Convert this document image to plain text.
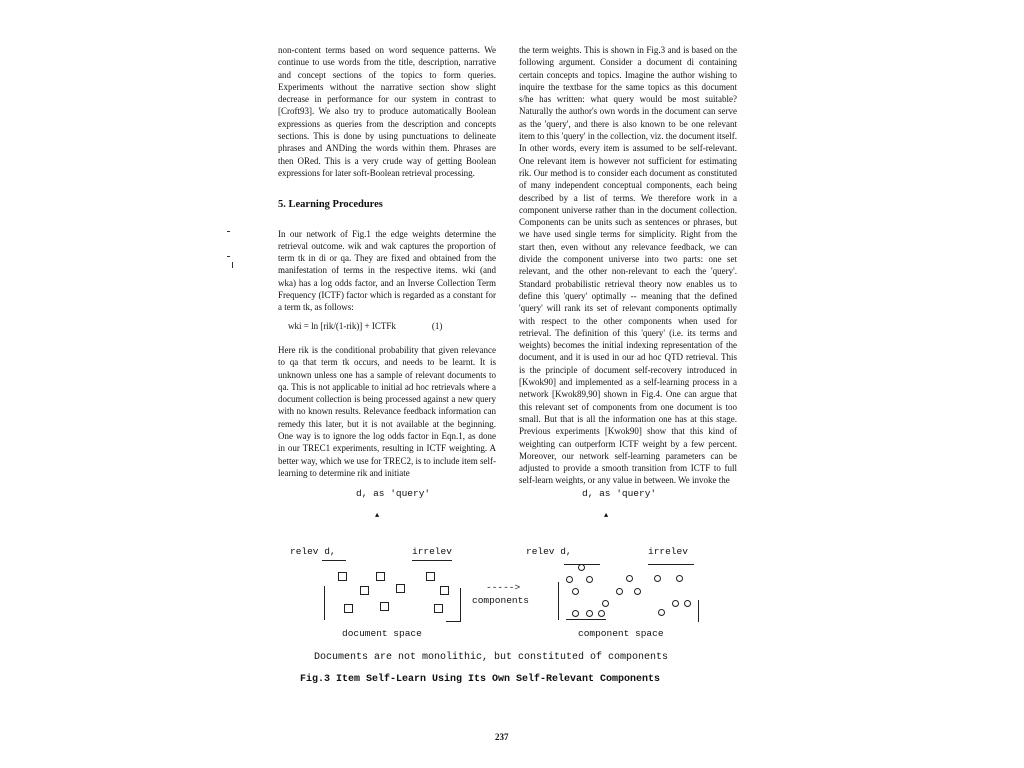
non-content terms based on word sequence patterns. We continue to use words from the title, description, narrative and concept sections of the topics to form queries. Experiments without the narrative section show slight decrease in performance for our system in contrast to [Croft93]. We also try to produce automatically Boolean expressions as queries from the description and concepts sections. This is done by using punctuations to delineate phrases and ANDing the words within them. Phrases are then ORed. This is a very crude way of getting Boolean expressions for later soft-Boolean retrieval processing.

5. Learning Procedures

In our network of Fig.1 the edge weights determine the retrieval outcome. wik and wak captures the proportion of term tk in di or qa. They are fixed and obtained from the manifestation of terms in the respective items. wki (and wka) has a log odds factor, and an Inverse Collection Term Frequency (ICTF) factor which is regarded as a constant for a term tk, as follows:

wki = ln [rik/(1-rik)] + ICTFk	(1)

Here rik is the conditional probability that given relevance to qa that term tk occurs, and needs to be learnt. It is unknown unless one has a sample of relevant documents to qa. This is not applicable to initial ad hoc retrievals where a document collection is being processed against a new query with no known results. Relevance feedback information can remedy this later, but it is not available at the beginning. One way is to ignore the log odds factor in Eqn.1, as done in our TREC1 experiments, resulting in ICTF weighting. A better way, which we use for TREC2, is to include item self-learning to determine rik and initiate

the term weights. This is shown in Fig.3 and is based on the following argument. Consider a document di containing certain concepts and topics. Imagine the author wishing to inquire the textbase for the same topics as this document s/he has written: what query would be most suitable? Naturally the author's own words in the document can serve as the 'query', and there is also known to be one relevant item to this 'query' in the collection, viz. the document itself. In other words, every item is assumed to be self-relevant. One relevant item is however not sufficient for estimating rik. Our method is to consider each document as constituted of many independent conceptual components, each being described by a list of terms. We therefore work in a component universe rather than in the document collection. Components can be units such as sentences or phrases, but we have used single terms for simplicity. Right from the start then, even without any relevance feedback, we can divide the component universe into two parts: one set relevant, and the other non-relevant to each the 'query'. Standard probabilistic retrieval theory now enables us to define this 'query' optimally -- meaning that the defined 'query' will rank its set of relevant components optimally with respect to the other components when used for retrieval. The definition of this 'query' (i.e. its terms and weights) becomes the initial indexing representation of the document, and it is used in our ad hoc QTD retrieval. This is the principle of document self-recovery introduced in [Kwok90] and implemented as a self-learning process in a network [Kwok89,90] shown in Fig.4. One can argue that this relevant set of components from one document is too small. But that is all the information one has at this stage. Previous experiments [Kwok90] show that this kind of weighting can outperform ICTF weight by a few percent. Moreover, our network self-learning parameters can be adjusted to provide a smooth transition from ICTF to full self-learn weights, or any value in between. We invoke the

d, as 'query'	d, as 'query'
▲	▲
relev d,	irrelev	relev d,	irrelev
document space
----->
components
component space
Documents are not monolithic, but constituted of components
Fig.3 Item Self-Learn Using Its Own Self-Relevant Components
237
